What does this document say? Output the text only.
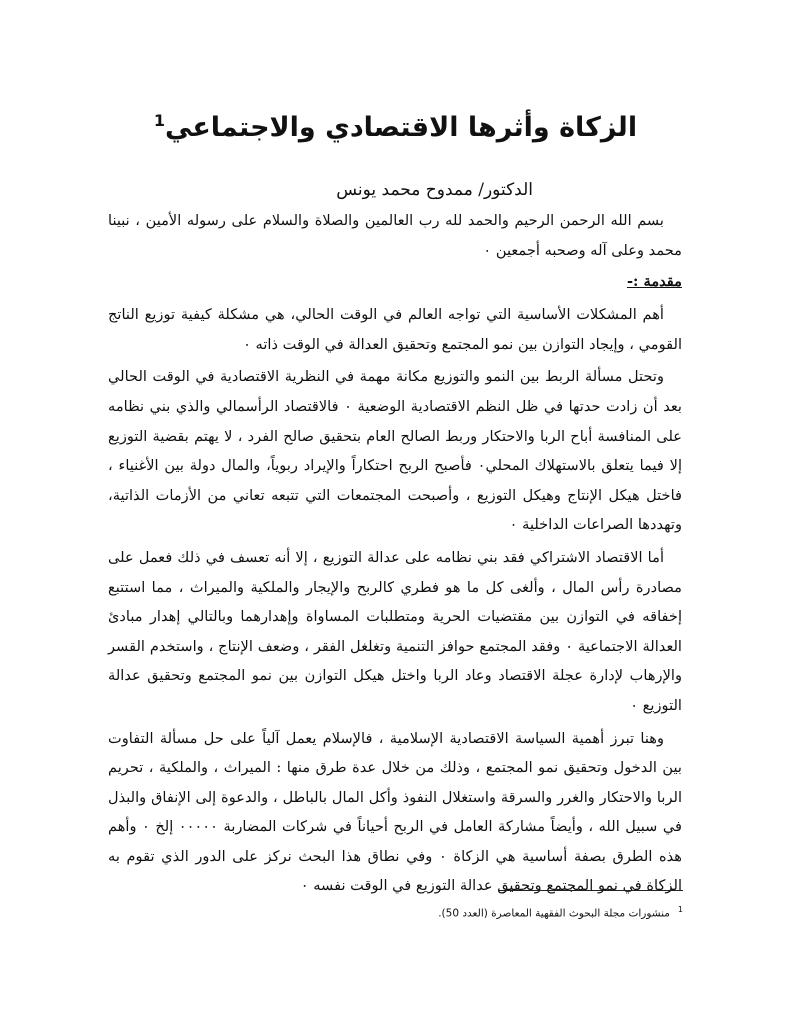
الزكاة وأثرها الاقتصادي والاجتماعي$^1$

الدكتور/ ممدوح محمد يونس

بسم الله الرحمن الرحيم والحمد لله رب العالمين والصلاة والسلام على رسوله الأمين ، نبينا محمد وعلى آله وصحبه أجمعين ٠

مقدمة :-

أهم المشكلات الأساسية التي تواجه العالم في الوقت الحالي، هي مشكلة كيفية توزيع الناتج القومي ، وإيجاد التوازن بين نمو المجتمع وتحقيق العدالة في الوقت ذاته ٠

وتحتل مسألة الربط بين النمو والتوزيع مكانة مهمة في النظرية الاقتصادية في الوقت الحالي بعد أن زادت حدتها في ظل النظم الاقتصادية الوضعية ٠ فالاقتصاد الرأسمالي والذي بني نظامه على المنافسة أباح الربا والاحتكار وربط الصالح العام بتحقيق صالح الفرد ، لا يهتم بقضية التوزيع إلا فيما يتعلق بالاستهلاك المحلي٠ فأصبح الربح احتكاراً والإيراد ربوياً، والمال دولة بين الأغنياء ، فاختل هيكل الإنتاج وهيكل التوزيع ، وأصبحت المجتمعات التي تتبعه تعاني من الأزمات الذاتية، وتهددها الصراعات الداخلية ٠

أما الاقتصاد الاشتراكي فقد بني نظامه على عدالة التوزيع ، إلا أنه تعسف في ذلك فعمل على مصادرة رأس المال ، وألغى كل ما هو فطري كالربح والإيجار والملكية والميراث ، مما استتبع إخفاقه في التوازن بين مقتضيات الحرية ومتطلبات المساواة وإهدارهما وبالتالي إهدار مبادئ العدالة الاجتماعية ٠ وفقد المجتمع حوافز التنمية وتغلغل الفقر ، وضعف الإنتاج ، واستخدم القسر والإرهاب لإدارة عجلة الاقتصاد وعاد الربا واختل هيكل التوازن بين نمو المجتمع وتحقيق عدالة التوزيع ٠

وهنا تبرز أهمية السياسة الاقتصادية الإسلامية ، فالإسلام يعمل آلياً على حل مسألة التفاوت بين الدخول وتحقيق نمو المجتمع ، وذلك من خلال عدة طرق منها : الميراث ، والملكية ، تحريم الربا والاحتكار والغرر والسرقة واستغلال النفوذ وأكل المال بالباطل ، والدعوة إلى الإنفاق والبذل في سبيل الله ، وأيضاً مشاركة العامل في الربح أحياناً في شركات المضاربة ٠٠٠٠٠ إلخ ٠ وأهم هذه الطرق بصفة أساسية هي الزكاة ٠ وفي نطاق هذا البحث نركز على الدور الذي تقوم به الزكاة في نمو المجتمع وتحقيق عدالة التوزيع في الوقت نفسه ٠

$^1$منشورات مجلة البحوث الفقهية المعاصرة (العدد 50).
